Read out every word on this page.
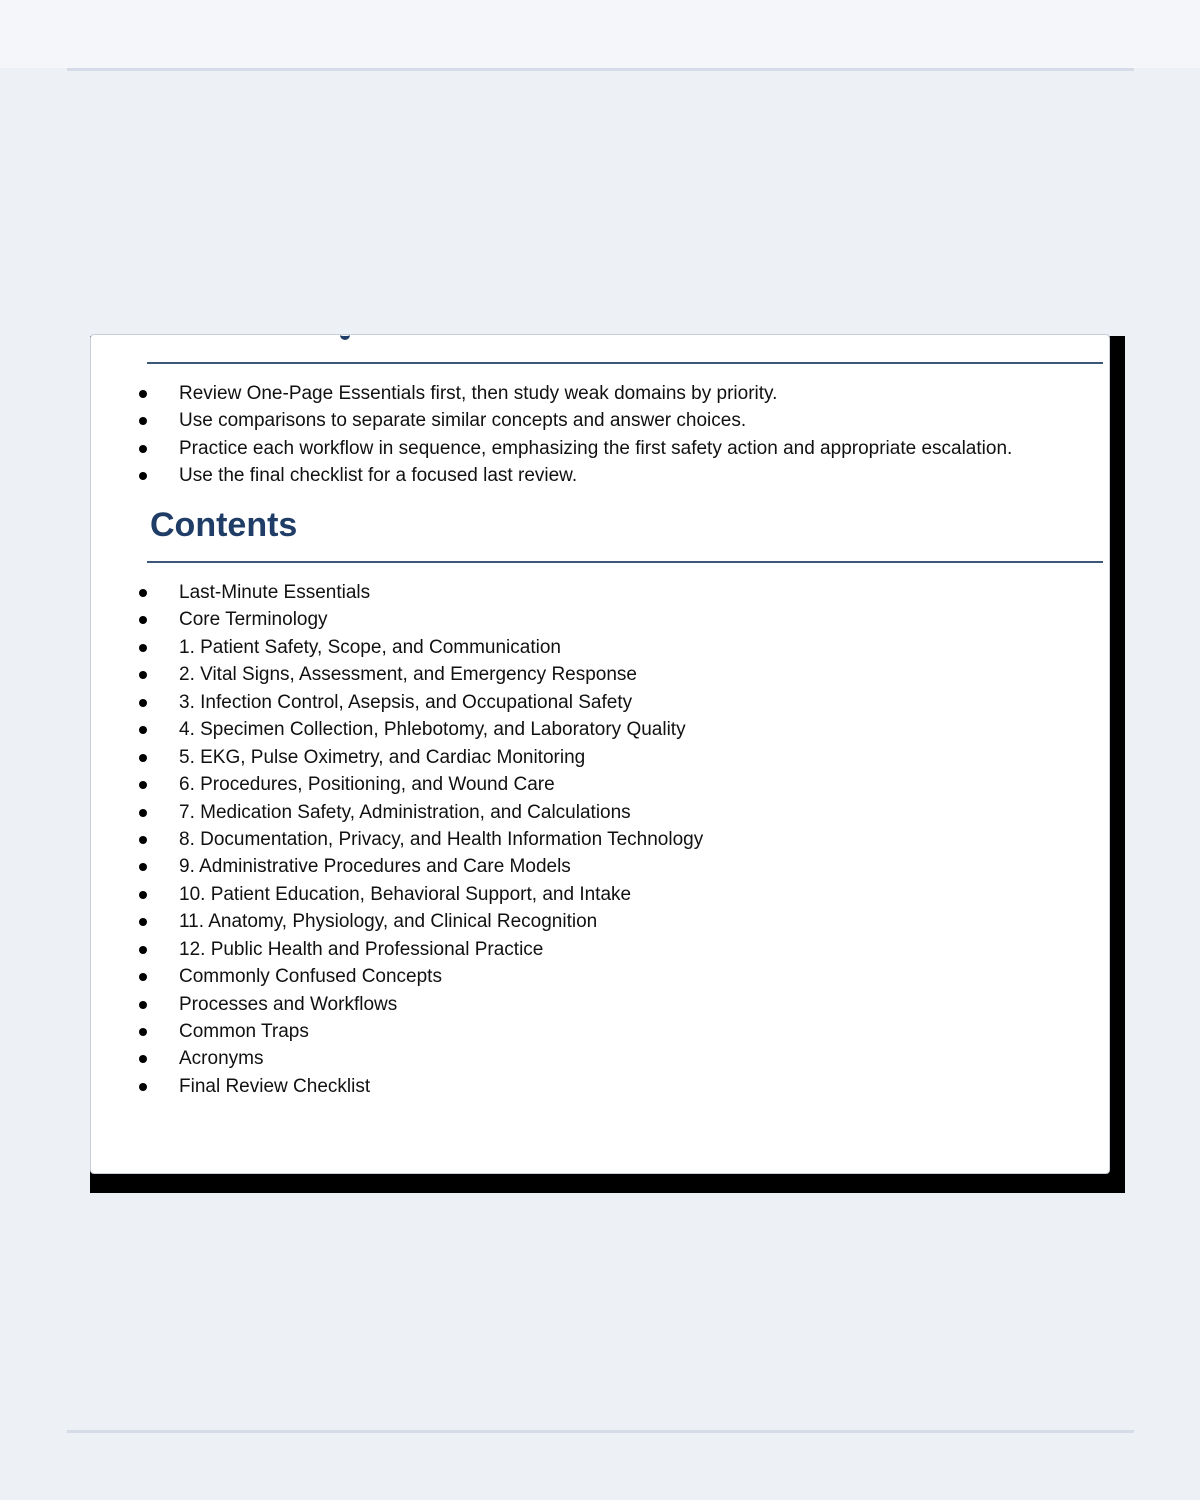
Review One-Page Essentials first, then study weak domains by priority.
Use comparisons to separate similar concepts and answer choices.
Practice each workflow in sequence, emphasizing the first safety action and appropriate escalation.
Use the final checklist for a focused last review.
Contents
Last-Minute Essentials
Core Terminology
1. Patient Safety, Scope, and Communication
2. Vital Signs, Assessment, and Emergency Response
3. Infection Control, Asepsis, and Occupational Safety
4. Specimen Collection, Phlebotomy, and Laboratory Quality
5. EKG, Pulse Oximetry, and Cardiac Monitoring
6. Procedures, Positioning, and Wound Care
7. Medication Safety, Administration, and Calculations
8. Documentation, Privacy, and Health Information Technology
9. Administrative Procedures and Care Models
10. Patient Education, Behavioral Support, and Intake
11. Anatomy, Physiology, and Clinical Recognition
12. Public Health and Professional Practice
Commonly Confused Concepts
Processes and Workflows
Common Traps
Acronyms
Final Review Checklist
